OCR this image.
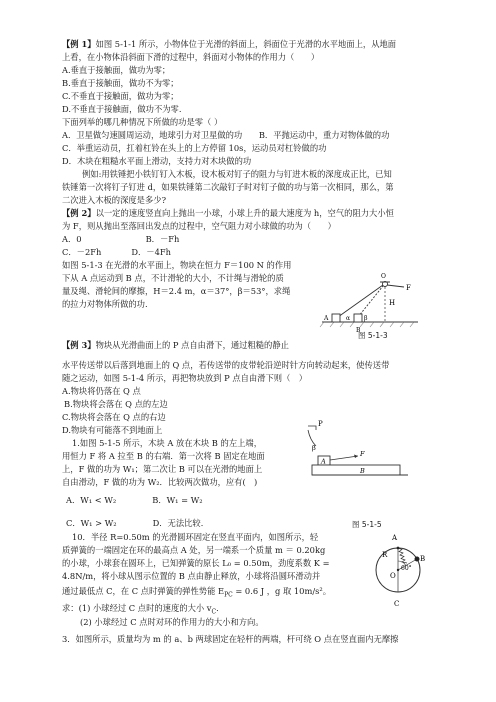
【例 1】如图 5-1-1 所示，小物体位于光滑的斜面上，斜面位于光滑的水平地面上，从地面
上看，在小物体沿斜面下滑的过程中，斜面对小物体的作用力（　　）
A.垂直于接触面，做功为零；
B.垂直于接触面，做功不为零；
C.不垂直于接触面，做功为零；
D.不垂直于接触面，做功不为零.
下面列举的哪几种情况下所做的功是零（ ）
A．卫星做匀速圆周运动，地球引力对卫星做的功　　B．平抛运动中，重力对物体做的功
C．举重运动员，扛着杠铃在头上的上方停留 10s，运动员对杠铃做的功
D．木块在粗糙水平面上滑动，支持力对木块做的功
例如:用铁锤把小铁钉钉入木板，设木板对钉子的阻力与钉进木板的深度成正比，已知
铁锤第一次将钉子钉进 d，如果铁锤第二次敲钉子时对钉子做的功与第一次相同，那么，第
二次进入木板的深度是多少?
【例 2】以一定的速度竖直向上抛出一小球，小球上升的最大速度为 h，空气的阻力大小恒
为 F，则从抛出至落回出发点的过程中，空气阻力对小球做的功为（　　）
A．0	B．－Fh
C．－2Fh	D．－4Fh
如图 5-1-3 在光滑的水平面上，物块在恒力 F＝100 N 的作用
下从 A 点运动到 B 点，不计滑轮的大小，不计绳与滑轮的质
量及绳、滑轮间的摩擦，H＝2.4 m，α＝37°，β＝53°，求绳
的拉力对物体所做的功.
F
H
A	α β
B
O
图 5-1-3
【例 3】物块从光滑曲面上的 P 点自由滑下，通过粗糙的静止
水平传送带以后落到地面上的 Q 点，若传送带的皮带轮沿逆时针方向转动起来，使传送带
随之运动，如图 5-1-4 所示，再把物块放到 P 点自由滑下则（　）
A.物块将仍落在 Q 点
B.物块将会落在 Q 点的左边
C.物块将会落在 Q 点的右边
D.物块有可能落不到地面上
1.如图 5-1-5 所示，木块 A 放在木块 B 的左上端，
用恒力 F 将 A 拉至 B 的右端．第一次将 B 固定在地面
上，F 做的功为 W₁；第二次让 B 可以在光滑的地面上
自由滑动，F 做的功为 W₂．比较两次做功，应有(　)
A．W₁ < W₂	B．W₁ = W₂
C．W₁ > W₂	D．无法比较．
P
A
B
F
β
图 5-1-5
10．半径 R=0.50m 的光滑圆环固定在竖直平面内，如图所示，轻
质弹簧的一端固定在环的最高点 A 处，另一端系一个质量 m ＝ 0.20kg
的小球，小球套在圆环上，已知弹簧的原长 L₀ = 0.50m，劲度系数 K =
4.8N/m，将小球从图示位置的 B 点由静止释放，小球将沿圆环滑动并
通过最低点 C，在 C 点时弹簧的弹性势能 $E_{PC} = 0.6$ J ，g 取 10m/s²。
求：(1) 小球经过 C 点时的速度的大小 $v_C$．
(2) 小球经过 C 点时对环的作用力的大小和方向。
A
R	B
O
C
60°
3．如图所示，质量均为 m 的 a、b 两球固定在轻杆的两端，杆可绕 O 点在竖直面内无摩擦
